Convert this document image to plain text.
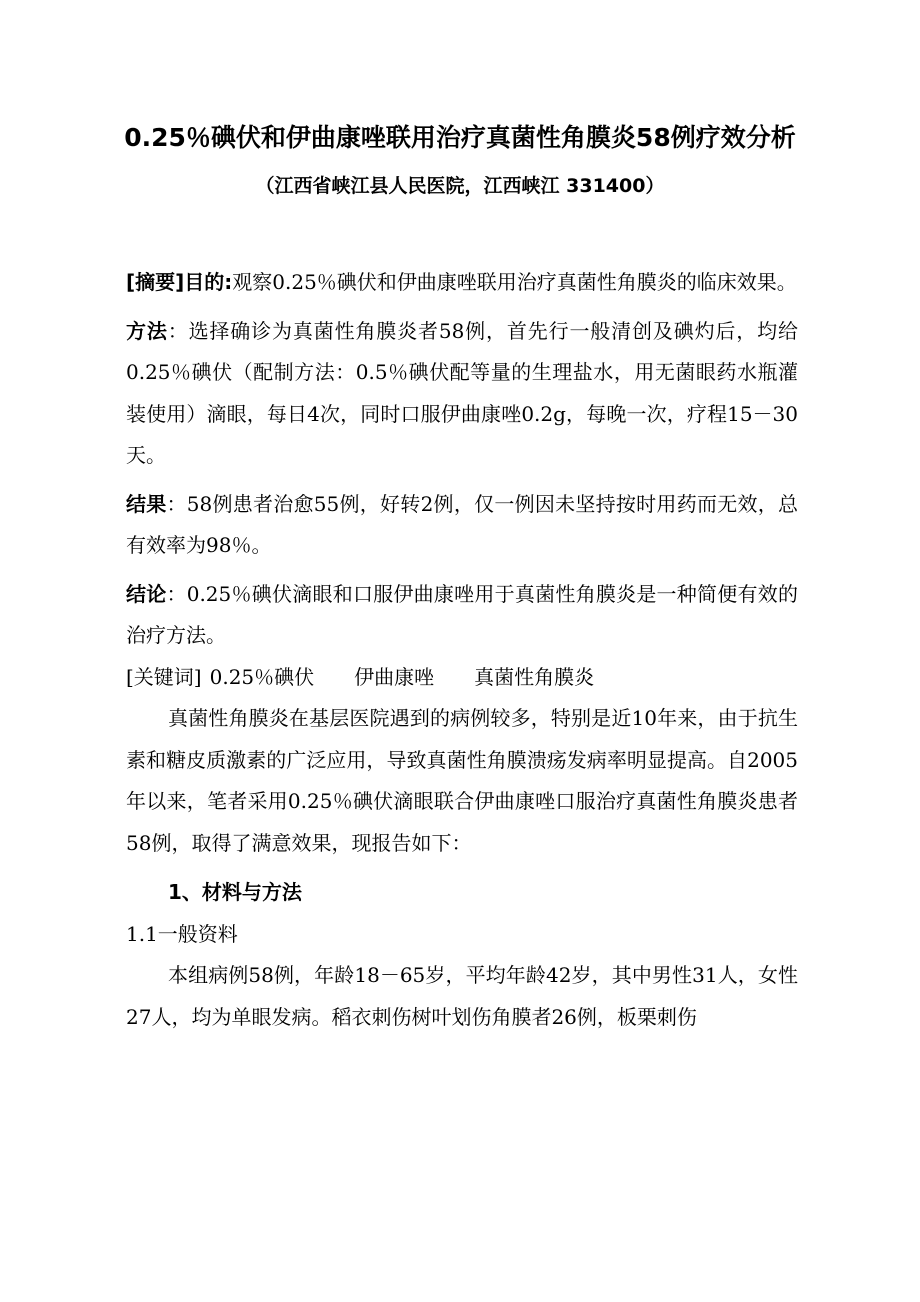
0.25％碘伏和伊曲康唑联用治疗真菌性角膜炎58例疗效分析
（江西省峡江县人民医院，江西峡江 331400）

[摘要]目的:观察0.25％碘伏和伊曲康唑联用治疗真菌性角膜炎的临床效果。

方法：选择确诊为真菌性角膜炎者58例，首先行一般清创及碘灼后，均给0.25％碘伏（配制方法：0.5％碘伏配等量的生理盐水，用无菌眼药水瓶灌装使用）滴眼，每日4次，同时口服伊曲康唑0.2g，每晚一次，疗程15－30天。

结果：58例患者治愈55例，好转2例，仅一例因未坚持按时用药而无效，总有效率为98％。

结论：0.25％碘伏滴眼和口服伊曲康唑用于真菌性角膜炎是一种简便有效的治疗方法。

[关键词] 0.25％碘伏 伊曲康唑 真菌性角膜炎

真菌性角膜炎在基层医院遇到的病例较多，特别是近10年来，由于抗生素和糖皮质激素的广泛应用，导致真菌性角膜溃疡发病率明显提高。自2005年以来，笔者采用0.25％碘伏滴眼联合伊曲康唑口服治疗真菌性角膜炎患者58例，取得了满意效果，现报告如下：

1、材料与方法

1.1一般资料

本组病例58例，年龄18－65岁，平均年龄42岁，其中男性31人，女性27人，均为单眼发病。稻衣刺伤树叶划伤角膜者26例，板栗刺伤
